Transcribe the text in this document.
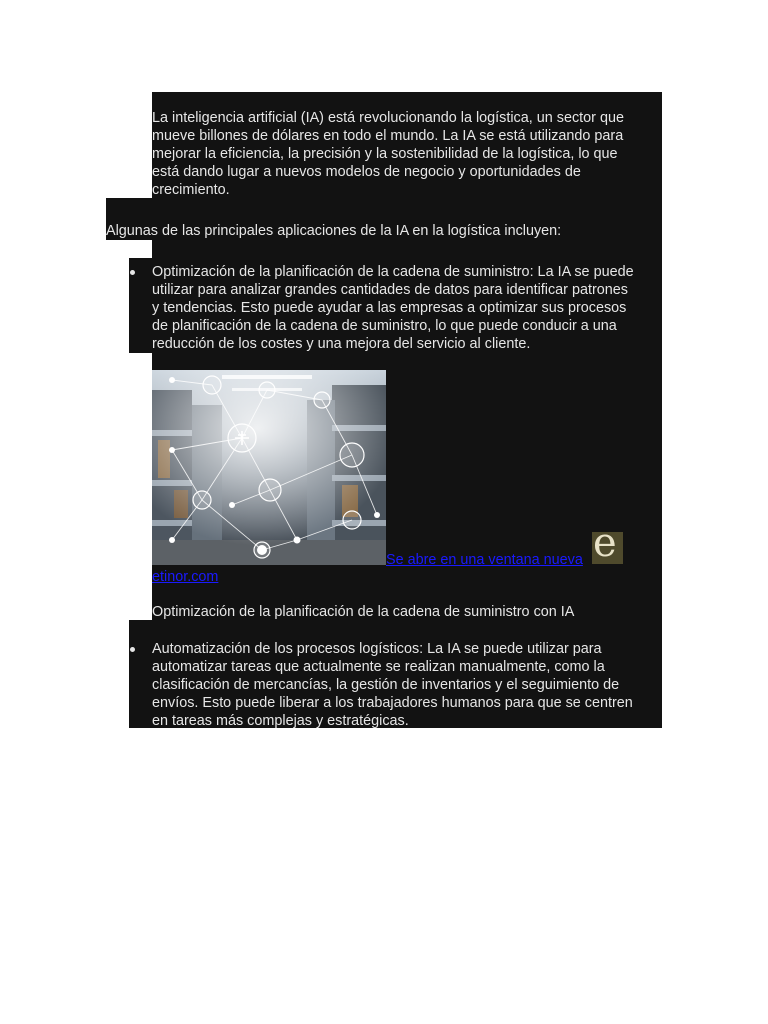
La inteligencia artificial (IA) está revolucionando la logística, un sector que

mueve billones de dólares en todo el mundo. La IA se está utilizando para

mejorar la eficiencia, la precisión y la sostenibilidad de la logística, lo que

está dando lugar a nuevos modelos de negocio y oportunidades de

crecimiento.

Algunas de las principales aplicaciones de la IA en la logística incluyen:

Optimización de la planificación de la cadena de suministro: La IA se puede

utilizar para analizar grandes cantidades de datos para identificar patrones

y tendencias. Esto puede ayudar a las empresas a optimizar sus procesos

de planificación de la cadena de suministro, lo que puede conducir a una

reducción de los costes y una mejora del servicio al cliente.

Se abre en una ventana nueva e
etinor.com

Optimización de la planificación de la cadena de suministro con IA

Automatización de los procesos logísticos: La IA se puede utilizar para

automatizar tareas que actualmente se realizan manualmente, como la

clasificación de mercancías, la gestión de inventarios y el seguimiento de

envíos. Esto puede liberar a los trabajadores humanos para que se centren

en tareas más complejas y estratégicas.
